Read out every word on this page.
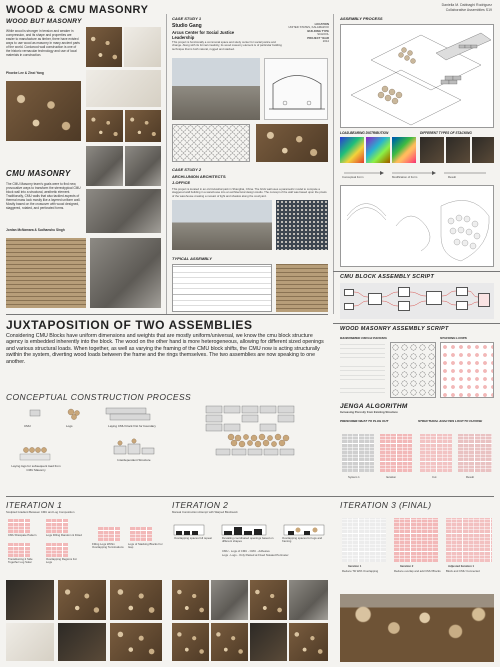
WOOD & CMU MASONRY	Daniella M. Dabbaghi Rodriguez
Collaborative Assemblies S19
WOOD BUT MASONRY
While wood is stronger in tension and weaker in compression, and its shape and properties are easier to manufacture as timber, there have existed ways to use wood as masonry in many ancient parts of the world. Cordwood wall construction is one of the historic vernacular technology and use of local materials in construction.
Phoebe Lee & Zinxi Yang
CMU MASONRY
The CMU Masonry team's goals were to find new, provocative ways to transform the stereotypical CMU block wall into a structural, aesthetic element. Traditionally, CMU walls that also tackled aspects of thermal mass look mostly like a layered uniform wall. Mostly based on the crossover with wood designed, staggered, rotated, and perforated forms.
Jordan McNamara & Sudhanshu Singh
CASE STUDY 1
Studio Gang
Arcus Center for Social Justice Leadership
This project is functionally a communal space and study center for social justice and change. Along with its formal creativity, its wood masonry element is of particular building technique that is both natural, rugged and stacked.
LOCATION
UNITED STATES, KALAMAZOO
BUILDING TYPE
SCHOOL
PROJECT YEAR
2014
CASE STUDY 2
ARCHI-UNION ARCHITECTS
J-OFFICE
This project is located in an old industrial park in Shanghai, China. The brick wall uses a parametric model to compute a staggered wall building in a warehouse into an architectural design studio. The concept of the wall was based upon the pixels of the warehouse creating a mosaic of light and shadow along the courtyard.
TYPICAL ASSEMBLY
ASSEMBLY PROCESS
LOAD-BEARING DISTRIBUTION	DIFFERENT TYPES OF STACKING
Conceptual Form	Modification of Form	Result
CMU BLOCK ASSEMBLY SCRIPT
JUXTAPOSITION OF TWO ASSEMBLIES
Considering CMU Blocks have uniform dimensions and weights that are mostly uniform/universal, we know the cmu block structure agency is embedded inherently into the block. The wood on the other hand is more heterogeneous, allowing for different sized openings and various structural loads. When together, as well as varying the framing of the CMU block shifts, the CMU now is acting structurally swithin the system, diverting wood loads between the frame and the rings themselves. The two assemblies are now speaking to one another.
WOOD MASONRY ASSEMBLY SCRIPT
RANDOMIZED CIRCLE PACKING	STACKING LOOPS
JENGA ALGORITHM
Increasing Porosity from Existing Structure
PRESCRIBE WHAT TO PLUG OUT	STRUCTURAL ANALYSIS LOOP TO CHOOSE
System 1	Iteration	Cut	Result
CONCEPTUAL CONSTRUCTION PROCESS
CMU	Logs	Laying CMU block first for boundary
Laying logs for subsequent load from CMU Masonry
Interdependent Structure
ITERATION 1
Sculpted Gradient Between CMU and Log Composition
CMU Dissipate Pattern	Logs Filling Random & Fitted
Filling Logs Within Overlapping Terminations
Logs of Stacking Blocks For Gap
Transitioning 2 Side Together Log Solar
Overlapping Regions For Logs
ITERATION 2
Manual Construction Attempt with Warped Blockwork
Overlapping spaces full repeat	Deviating coordinated openings based on different shapes
Overlapping spaces for logs and framing
CMU - Logs of CMU - CMU - Adhesive
Logs - Logs - Only Pasted at Fixed Notated Perimeter
ITERATION 3 (FINAL)
Iteration 1	Iteration 2	Adjusted Iteration 1
Reduce Tilt With Overlapping	Reduce overlap and add CMU Blocks	Block and CMU Connected
